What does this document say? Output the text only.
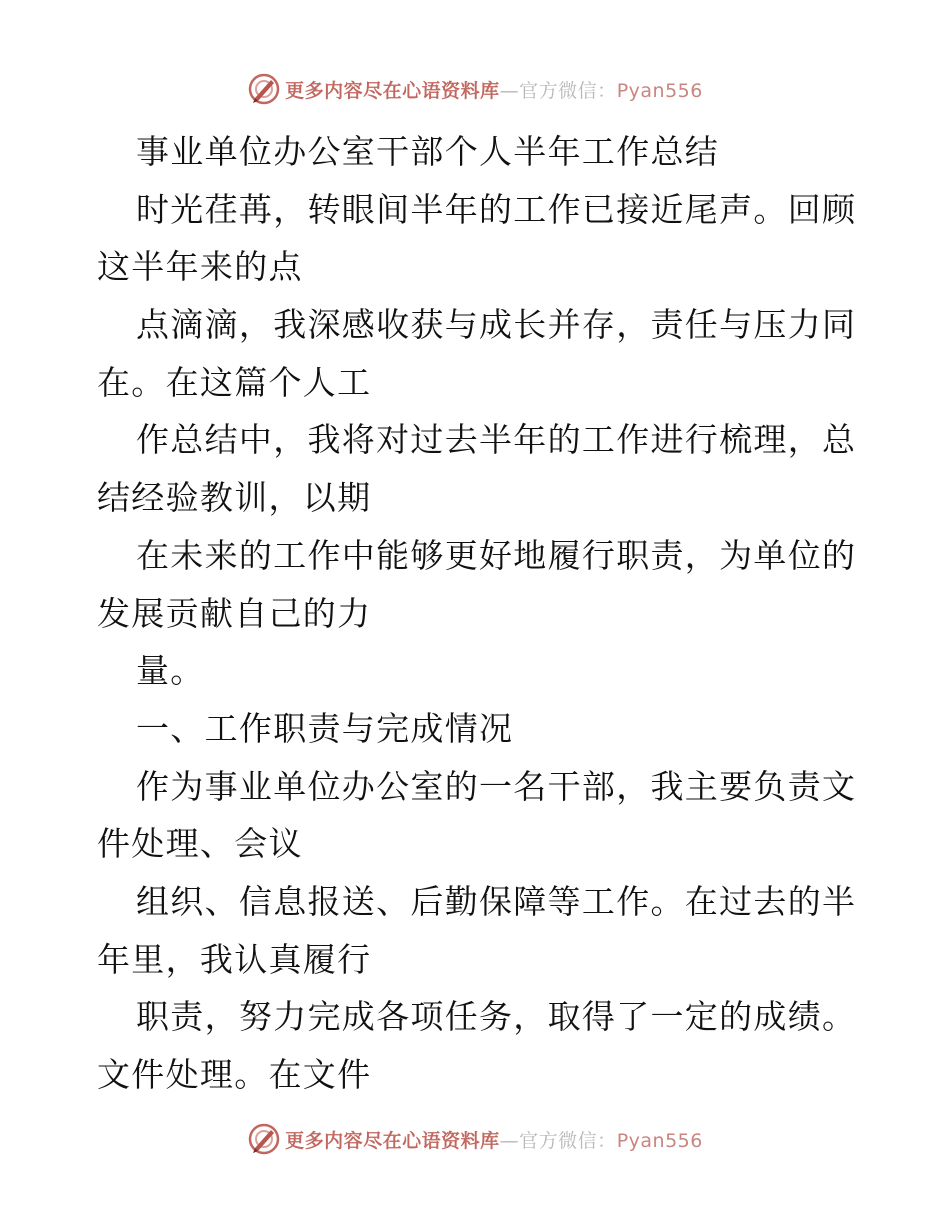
更多内容尽在心语资料库—官方微信：Pyan556
事业单位办公室干部个人半年工作总结
时光荏苒，转眼间半年的工作已接近尾声。回顾
这半年来的点
点滴滴，我深感收获与成长并存，责任与压力同
在。在这篇个人工
作总结中，我将对过去半年的工作进行梳理，总
结经验教训，以期
在未来的工作中能够更好地履行职责，为单位的
发展贡献自己的力
量。
一、工作职责与完成情况
作为事业单位办公室的一名干部，我主要负责文
件处理、会议
组织、信息报送、后勤保障等工作。在过去的半
年里，我认真履行
职责，努力完成各项任务，取得了一定的成绩。
文件处理。在文件
更多内容尽在心语资料库—官方微信：Pyan556
